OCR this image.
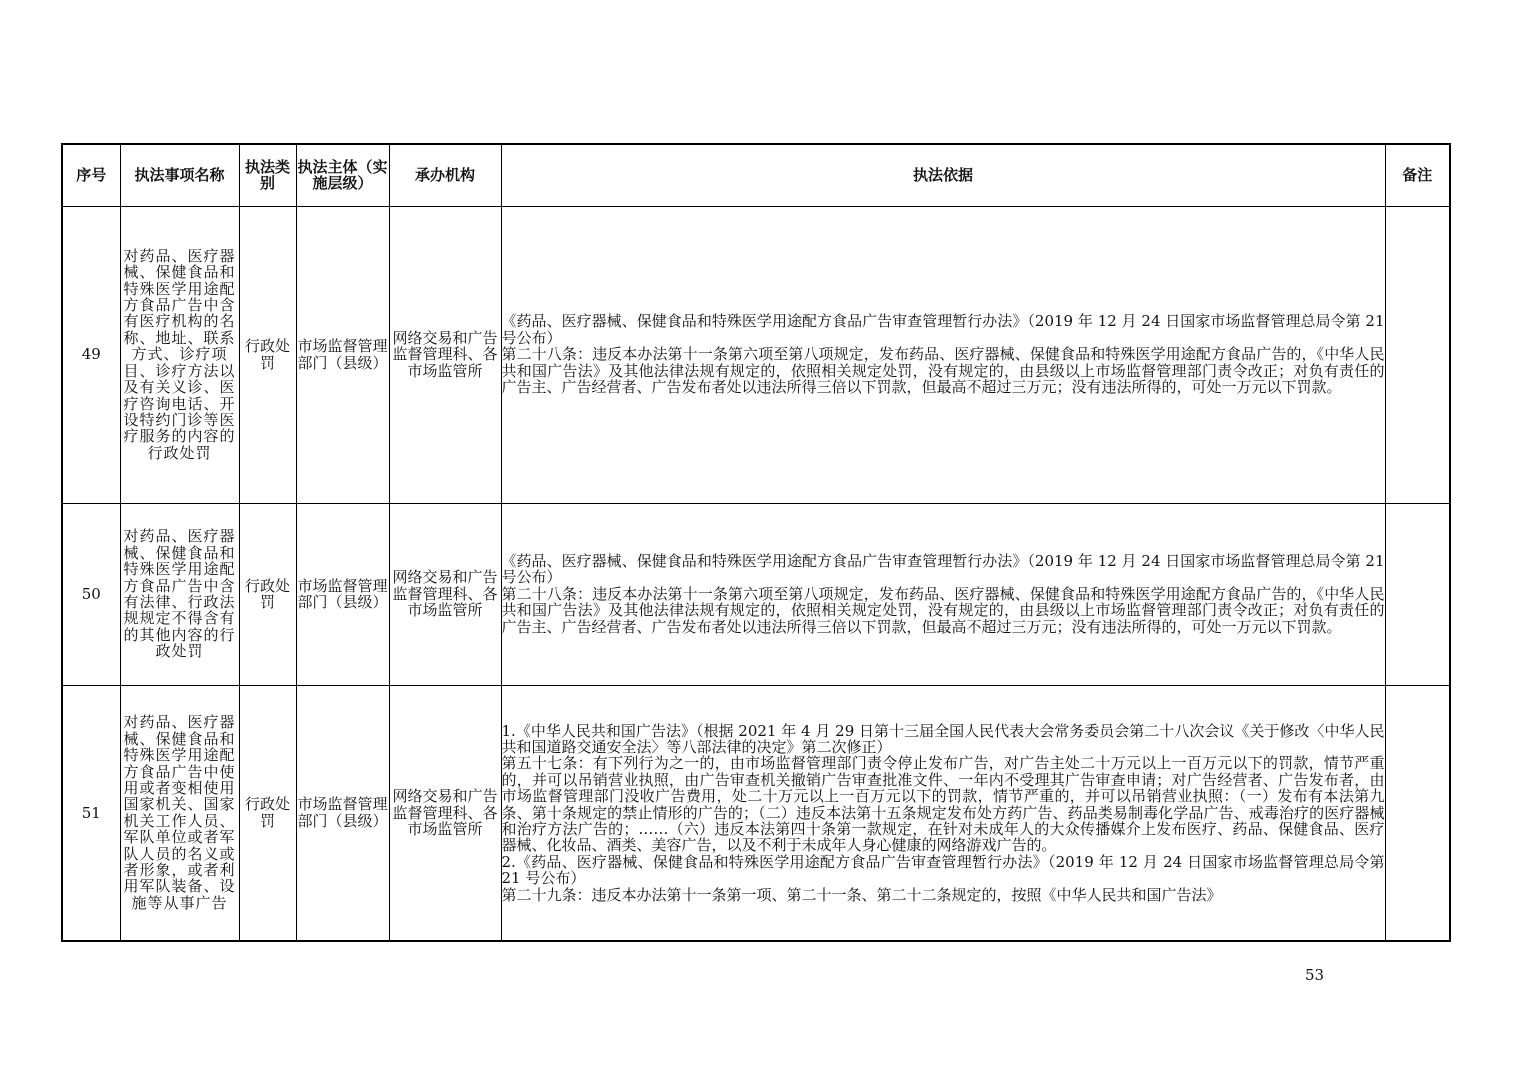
序号	执法事项名称	执法类别	执法主体（实施层级）	承办机构	执法依据	备注
49	对药品、医疗器械、保健食品和特殊医学用途配方食品广告中含有医疗机构的名称、地址、联系方式、诊疗项目、诊疗方法以及有关义诊、医疗咨询电话、开设特约门诊等医疗服务的内容的行政处罚	行政处罚	市场监督管理部门（县级）	网络交易和广告监督管理科、各市场监管所	《药品、医疗器械、保健食品和特殊医学用途配方食品广告审查管理暂行办法》（2019 年 12 月 24 日国家市场监督管理总局令第 21 号公布）
第二十八条：违反本办法第十一条第六项至第八项规定，发布药品、医疗器械、保健食品和特殊医学用途配方食品广告的，《中华人民共和国广告法》及其他法律法规有规定的，依照相关规定处罚，没有规定的，由县级以上市场监督管理部门责令改正；对负有责任的广告主、广告经营者、广告发布者处以违法所得三倍以下罚款，但最高不超过三万元；没有违法所得的，可处一万元以下罚款。	

50	对药品、医疗器械、保健食品和特殊医学用途配方食品广告中含有法律、行政法规规定不得含有的其他内容的行政处罚	行政处罚	市场监督管理部门（县级）	网络交易和广告监督管理科、各市场监管所	《药品、医疗器械、保健食品和特殊医学用途配方食品广告审查管理暂行办法》（2019 年 12 月 24 日国家市场监督管理总局令第 21 号公布）
第二十八条：违反本办法第十一条第六项至第八项规定，发布药品、医疗器械、保健食品和特殊医学用途配方食品广告的，《中华人民共和国广告法》及其他法律法规有规定的，依照相关规定处罚，没有规定的，由县级以上市场监督管理部门责令改正；对负有责任的广告主、广告经营者、广告发布者处以违法所得三倍以下罚款，但最高不超过三万元；没有违法所得的，可处一万元以下罚款。	

51	对药品、医疗器械、保健食品和特殊医学用途配方食品广告中使用或者变相使用国家机关、国家机关工作人员、军队单位或者军队人员的名义或者形象，或者利用军队装备、设施等从事广告	行政处罚	市场监督管理部门（县级）	网络交易和广告监督管理科、各市场监管所	1.《中华人民共和国广告法》（根据 2021 年 4 月 29 日第十三届全国人民代表大会常务委员会第二十八次会议《关于修改〈中华人民共和国道路交通安全法〉等八部法律的决定》第二次修正）
第五十七条：有下列行为之一的，由市场监督管理部门责令停止发布广告，对广告主处二十万元以上一百万元以下的罚款，情节严重的，并可以吊销营业执照，由广告审查机关撤销广告审查批准文件、一年内不受理其广告审查申请；对广告经营者、广告发布者，由市场监督管理部门没收广告费用，处二十万元以上一百万元以下的罚款，情节严重的，并可以吊销营业执照：（一）发布有本法第九条、第十条规定的禁止情形的广告的；（二）违反本法第十五条规定发布处方药广告、药品类易制毒化学品广告、戒毒治疗的医疗器械和治疗方法广告的；……（六）违反本法第四十条第一款规定，在针对未成年人的大众传播媒介上发布医疗、药品、保健食品、医疗器械、化妆品、酒类、美容广告，以及不利于未成年人身心健康的网络游戏广告的。
2.《药品、医疗器械、保健食品和特殊医学用途配方食品广告审查管理暂行办法》（2019 年 12 月 24 日国家市场监督管理总局令第 21 号公布）
第二十九条：违反本办法第十一条第一项、第二十一条、第二十二条规定的，按照《中华人民共和国广告法》	

53
